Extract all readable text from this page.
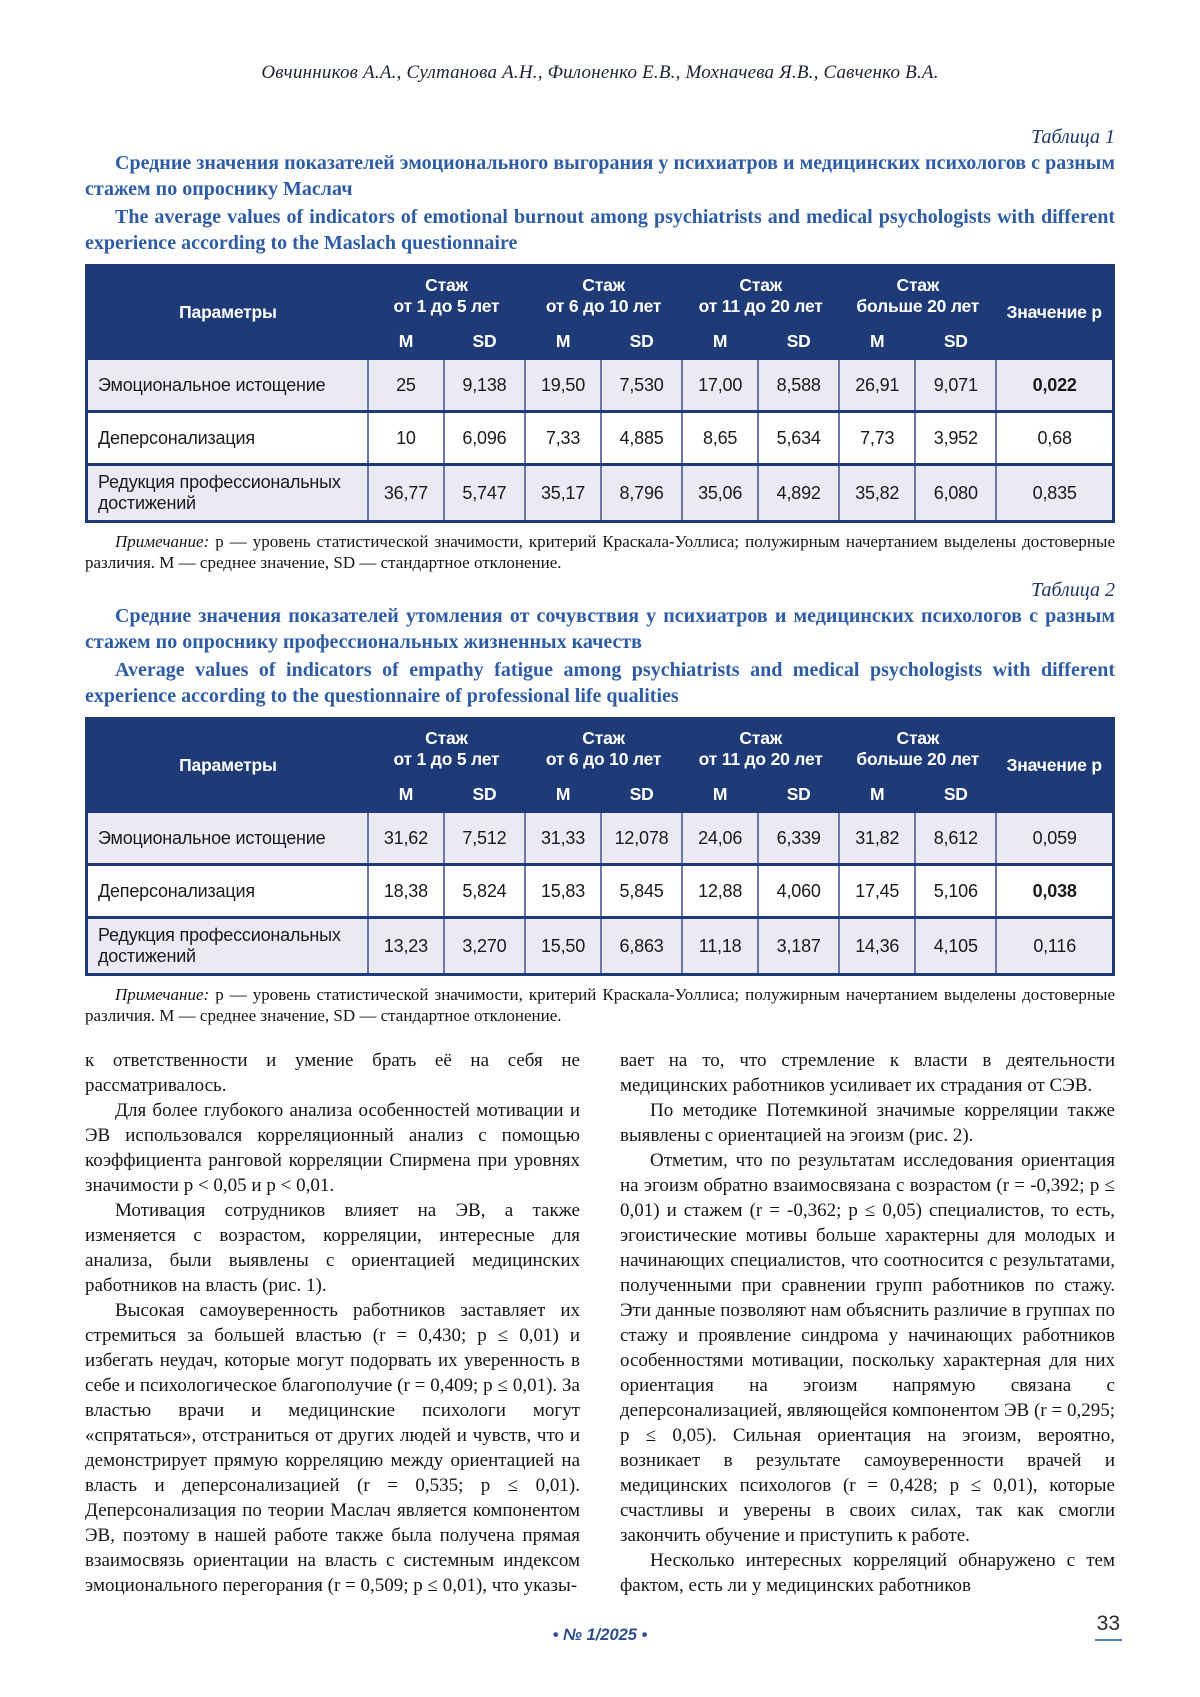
Овчинников А.А., Султанова А.Н., Филоненко Е.В., Мохначева Я.В., Савченко В.А.
Таблица 1

Средние значения показателей эмоционального выгорания у психиатров и медицинских психологов с разным стажем по опроснику Маслач

The average values of indicators of emotional burnout among psychiatrists and medical psychologists with different experience according to the Maslach questionnaire

Параметры	
Стаж
от 1 до 5 лет

Стаж
от 6 до 10 лет

Стаж
от 11 до 20 лет

Стаж
больше 20 лет	Значение p
	М	SD	М	SD	М	SD	М	SD	
Эмоциональное истощение	25	9,138	19,50	7,530	17,00	8,588	26,91	9,071	0,022
Деперсонализация	10	6,096	7,33	4,885	8,65	5,634	7,73	3,952	0,68
Редукция профессиональных достижений	36,77	5,747	35,17	8,796	35,06	4,892	35,82	6,080	0,835

Примечание: p — уровень статистической значимости, критерий Краскала-Уоллиса; полужирным начертанием выделены достоверные различия. М — среднее значение, SD — стандартное отклонение.

Таблица 2

Средние значения показателей утомления от сочувствия у психиатров и медицинских психологов с разным стажем по опроснику профессиональных жизненных качеств

Average values of indicators of empathy fatigue among psychiatrists and medical psychologists with different experience according to the questionnaire of professional life qualities

Параметры	
Стаж
от 1 до 5 лет

Стаж
от 6 до 10 лет

Стаж
от 11 до 20 лет

Стаж
больше 20 лет	Значение p
	М	SD	М	SD	М	SD	М	SD	
Эмоциональное истощение	31,62	7,512	31,33	12,078	24,06	6,339	31,82	8,612	0,059
Деперсонализация	18,38	5,824	15,83	5,845	12,88	4,060	17,45	5,106	0,038
Редукция профессиональных достижений	13,23	3,270	15,50	6,863	11,18	3,187	14,36	4,105	0,116

Примечание: p — уровень статистической значимости, критерий Краскала-Уоллиса; полужирным начертанием выделены достоверные различия. М — среднее значение, SD — стандартное отклонение.

к ответственности и умение брать её на себя не рассматривалось.

Для более глубокого анализа особенностей мотивации и ЭВ использовался корреляционный анализ с помощью коэффициента ранговой корреляции Спирмена при уровнях значимости p < 0,05 и p < 0,01.

Мотивация сотрудников влияет на ЭВ, а также изменяется с возрастом, корреляции, интересные для анализа, были выявлены с ориентацией медицинских работников на власть (рис. 1).

Высокая самоуверенность работников заставляет их стремиться за большей властью (r = 0,430; p ≤ 0,01) и избегать неудач, которые могут подорвать их уверенность в себе и психологическое благополучие (r = 0,409; p ≤ 0,01). За властью врачи и медицинские психологи могут «спрятаться», отстраниться от других людей и чувств, что и демонстрирует прямую корреляцию между ориентацией на власть и деперсонализацией (r = 0,535; p ≤ 0,01). Деперсонализация по теории Маслач является компонентом ЭВ, поэтому в нашей работе также была получена прямая взаимосвязь ориентации на власть с системным индексом эмоционального перегорания (r = 0,509; p ≤ 0,01), что указы-

вает на то, что стремление к власти в деятельности медицинских работников усиливает их страдания от СЭВ.

По методике Потемкиной значимые корреляции также выявлены с ориентацией на эгоизм (рис. 2).

Отметим, что по результатам исследования ориентация на эгоизм обратно взаимосвязана с возрастом (r = -0,392; p ≤ 0,01) и стажем (r = -0,362; p ≤ 0,05) специалистов, то есть, эгоистические мотивы больше характерны для молодых и начинающих специалистов, что соотносится с результатами, полученными при сравнении групп работников по стажу. Эти данные позволяют нам объяснить различие в группах по стажу и проявление синдрома у начинающих работников особенностями мотивации, поскольку характерная для них ориентация на эгоизм напрямую связана с деперсонализацией, являющейся компонентом ЭВ (r = 0,295; p ≤ 0,05). Сильная ориентация на эгоизм, вероятно, возникает в результате самоуверенности врачей и медицинских психологов (r = 0,428; p ≤ 0,01), которые счастливы и уверены в своих силах, так как смогли закончить обучение и приступить к работе.

Несколько интересных корреляций обнаружено с тем фактом, есть ли у медицинских работников

• № 1/2025 •	33
